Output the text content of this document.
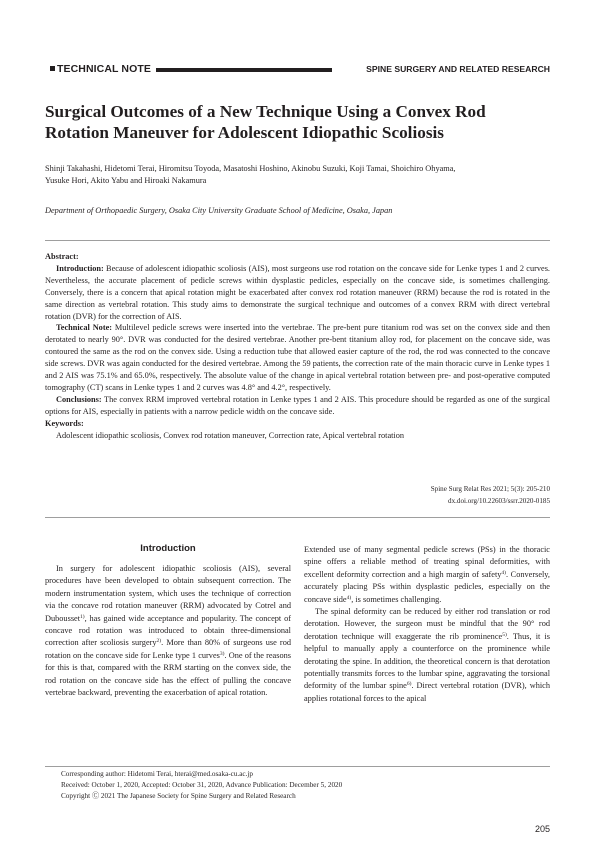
TECHNICAL NOTE	SPINE SURGERY AND RELATED RESEARCH
Surgical Outcomes of a New Technique Using a Convex Rod
Rotation Maneuver for Adolescent Idiopathic Scoliosis
Shinji Takahashi, Hidetomi Terai, Hiromitsu Toyoda, Masatoshi Hoshino, Akinobu Suzuki, Koji Tamai, Shoichiro Ohyama,
Yusuke Hori, Akito Yabu and Hiroaki Nakamura
Department of Orthopaedic Surgery, Osaka City University Graduate School of Medicine, Osaka, Japan
Abstract:
Introduction: Because of adolescent idiopathic scoliosis (AIS), most surgeons use rod rotation on the concave side for Lenke types 1 and 2 curves. Nevertheless, the accurate placement of pedicle screws within dysplastic pedicles, especially on the concave side, is sometimes challenging. Conversely, there is a concern that apical rotation might be exacerbated after convex rod rotation maneuver (RRM) because the rod is rotated in the same direction as vertebral rotation. This study aims to demonstrate the surgical technique and outcomes of a convex RRM with direct vertebral rotation (DVR) for the correction of AIS.
Technical Note: Multilevel pedicle screws were inserted into the vertebrae. The pre-bent pure titanium rod was set on the convex side and then derotated to nearly 90°. DVR was conducted for the desired vertebrae. Another pre-bent titanium alloy rod, for placement on the concave side, was contoured the same as the rod on the convex side. Using a reduction tube that allowed easier capture of the rod, the rod was connected to the concave side screws. DVR was again conducted for the desired vertebrae. Among the 59 patients, the correction rate of the main thoracic curve in Lenke types 1 and 2 AIS was 75.1% and 65.0%, respectively. The absolute value of the change in apical vertebral rotation between pre- and post-operative computed tomography (CT) scans in Lenke types 1 and 2 curves was 4.8° and 4.2°, respectively.
Conclusions: The convex RRM improved vertebral rotation in Lenke types 1 and 2 AIS. This procedure should be regarded as one of the surgical options for AIS, especially in patients with a narrow pedicle width on the concave side.
Keywords:
Adolescent idiopathic scoliosis, Convex rod rotation maneuver, Correction rate, Apical vertebral rotation
Spine Surg Relat Res 2021; 5(3): 205-210
dx.doi.org/10.22603/ssrr.2020-0185
Introduction

In surgery for adolescent idiopathic scoliosis (AIS), several procedures have been developed to obtain subsequent correction. The modern instrumentation system, which uses the technique of correction via the concave rod rotation maneuver (RRM) advocated by Cotrel and Dubousset$^{1)}$, has gained wide acceptance and popularity. The concept of concave rod rotation was introduced to obtain three-dimensional correction after scoliosis surgery$^{2)}$. More than 80% of surgeons use rod rotation on the concave side for Lenke type 1 curves$^{3)}$. One of the reasons for this is that, compared with the RRM starting on the convex side, the rod rotation on the concave side has the effect of pulling the concave vertebrae backward, preventing the exacerbation of apical rotation.

Extended use of many segmental pedicle screws (PSs) in the thoracic spine offers a reliable method of treating spinal deformities, with excellent deformity correction and a high margin of safety$^{4)}$. Conversely, accurately placing PSs within dysplastic pedicles, especially on the concave side$^{4)}$, is sometimes challenging.

The spinal deformity can be reduced by either rod translation or rod derotation. However, the surgeon must be mindful that the 90° rod derotation technique will exaggerate the rib prominence$^{5)}$. Thus, it is helpful to manually apply a counterforce on the prominence while derotating the spine. In addition, the theoretical concern is that derotation potentially transmits forces to the lumbar spine, aggravating the torsional deformity of the lumbar spine$^{6)}$. Direct vertebral rotation (DVR), which applies rotational forces to the apical

Corresponding author: Hidetomi Terai, hterai@med.osaka-cu.ac.jp
Received: October 1, 2020, Accepted: October 31, 2020, Advance Publication: December 5, 2020
Copyright Ⓒ 2021 The Japanese Society for Spine Surgery and Related Research
205
